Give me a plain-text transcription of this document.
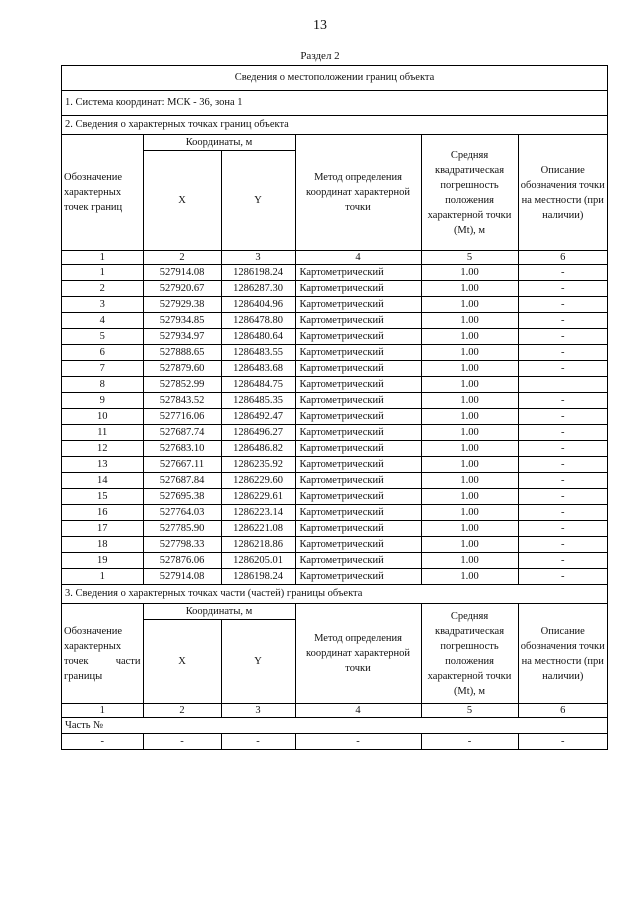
13
Раздел 2
Сведения о местоположении границ объекта
1. Система координат: МСК - 36, зона 1
2. Сведения о характерных точках границ объекта
Обозначение характерных точек границ	Координаты, м		Метод определения координат характерной точки	Средняя квадратическая погрешность положения характерной точки (Mt), м	Описание обозначения точки на местности (при наличии)
	X	Y			
1	2	3	4	5	6
1	527914.08	1286198.24	Картометрический	1.00	-
2	527920.67	1286287.30	Картометрический	1.00	-
3	527929.38	1286404.96	Картометрический	1.00	-
4	527934.85	1286478.80	Картометрический	1.00	-
5	527934.97	1286480.64	Картометрический	1.00	-
6	527888.65	1286483.55	Картометрический	1.00	-
7	527879.60	1286483.68	Картометрический	1.00	-
8	527852.99	1286484.75	Картометрический	1.00	
9	527843.52	1286485.35	Картометрический	1.00	-
10	527716.06	1286492.47	Картометрический	1.00	-
11	527687.74	1286496.27	Картометрический	1.00	-
12	527683.10	1286486.82	Картометрический	1.00	-
13	527667.11	1286235.92	Картометрический	1.00	-
14	527687.84	1286229.60	Картометрический	1.00	-
15	527695.38	1286229.61	Картометрический	1.00	-
16	527764.03	1286223.14	Картометрический	1.00	-
17	527785.90	1286221.08	Картометрический	1.00	-
18	527798.33	1286218.86	Картометрический	1.00	-
19	527876.06	1286205.01	Картометрический	1.00	-
1	527914.08	1286198.24	Картометрический	1.00	-
3. Сведения о характерных точках части (частей) границы объекта
Обозначение характерных точек части границы	Координаты, м		Метод определения координат характерной точки	Средняя квадратическая погрешность положения характерной точки (Mt), м	Описание обозначения точки на местности (при наличии)
	X	Y			
1	2	3	4	5	6
Часть №					
-	-	-	-	-	-
